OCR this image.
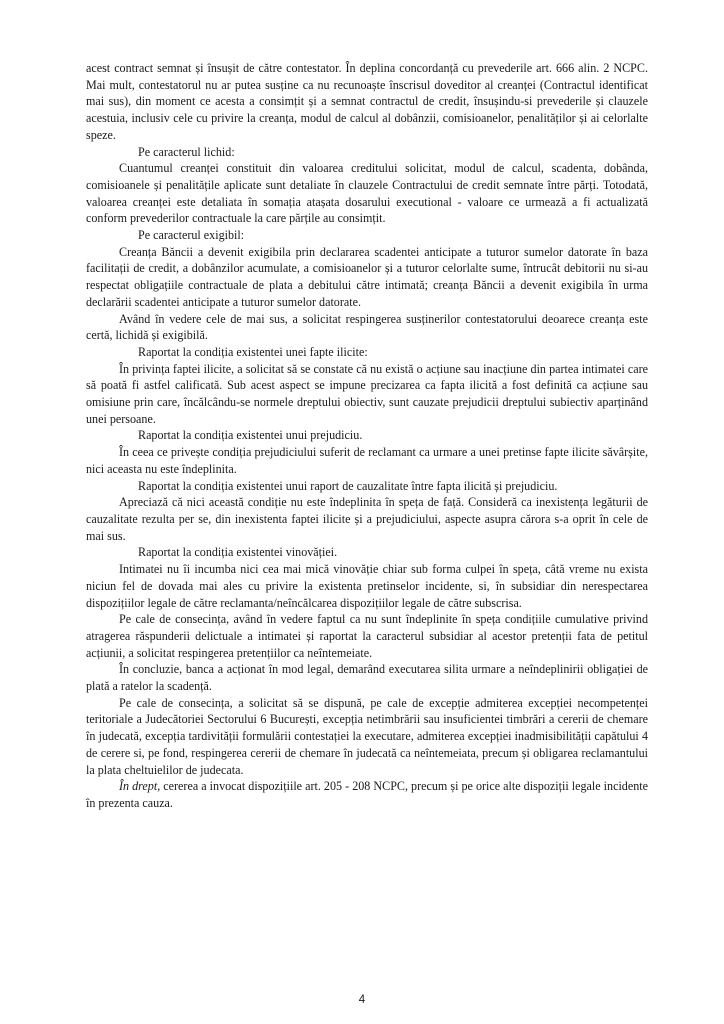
acest contract semnat și însușit de către contestator. În deplina concordanță cu prevederile art. 666 alin. 2 NCPC. Mai mult, contestatorul nu ar putea susține ca nu recunoaște înscrisul doveditor al creanței (Contractul identificat mai sus), din moment ce acesta a consimțit și a semnat contractul de credit, însușindu-si prevederile și clauzele acestuia, inclusiv cele cu privire la creanța, modul de calcul al dobânzii, comisioanelor, penalităților și ai celorlalte speze.

Pe caracterul lichid:

Cuantumul creanței constituit din valoarea creditului solicitat, modul de calcul, scadenta, dobânda, comisioanele și penalitățile aplicate sunt detaliate în clauzele Contractului de credit semnate între părți. Totodată, valoarea creanței este detaliata în somația atașata dosarului executional - valoare ce urmează a fi actualizată conform prevederilor contractuale la care părțile au consimțit.

Pe caracterul exigibil:

Creanța Băncii a devenit exigibila prin declararea scadentei anticipate a tuturor sumelor datorate în baza facilitații de credit, a dobânzilor acumulate, a comisioanelor și a tuturor celorlalte sume, întrucât debitorii nu si-au respectat obligațiile contractuale de plata a debitului către intimată; creanța Băncii a devenit exigibila în urma declarării scadentei anticipate a tuturor sumelor datorate.

Având în vedere cele de mai sus, a solicitat respingerea susținerilor contestatorului deoarece creanța este certă, lichidă și exigibilă.

Raportat la condiția existentei unei fapte ilicite:

În privința faptei ilicite, a solicitat să se constate că nu există o acțiune sau inacțiune din partea intimatei care să poată fi astfel calificată. Sub acest aspect se impune precizarea ca fapta ilicită a fost definită ca acțiune sau omisiune prin care, încălcându-se normele dreptului obiectiv, sunt cauzate prejudicii dreptului subiectiv aparținând unei persoane.

Raportat la condiția existentei unui prejudiciu.

În ceea ce privește condiția prejudiciului suferit de reclamant ca urmare a unei pretinse fapte ilicite săvârșite, nici aceasta nu este îndeplinita.

Raportat la condiția existentei unui raport de cauzalitate între fapta ilicită și prejudiciu.

Apreciază că nici această condiție nu este îndeplinita în speța de față. Consideră ca inexistența legăturii de cauzalitate rezulta per se, din inexistenta faptei ilicite și a prejudiciului, aspecte asupra cărora s-a oprit în cele de mai sus.

Raportat la condiția existentei vinovăției.

Intimatei nu îi incumba nici cea mai mică vinovăție chiar sub forma culpei în speța, câtă vreme nu exista niciun fel de dovada mai ales cu privire la existenta pretinselor incidente, si, în subsidiar din nerespectarea dispozițiilor legale de către reclamanta/neîncălcarea dispozițiilor legale de către subscrisa.

Pe cale de consecința, având în vedere faptul ca nu sunt îndeplinite în speța condițiile cumulative privind atragerea răspunderii delictuale a intimatei și raportat la caracterul subsidiar al acestor pretenții fata de petitul acțiunii, a solicitat respingerea pretențiilor ca neîntemeiate.

În concluzie, banca a acționat în mod legal, demarând executarea silita urmare a neîndeplinirii obligației de plată a ratelor la scadență.

Pe cale de consecința, a solicitat să se dispună, pe cale de excepție admiterea excepției necompetenței teritoriale a Judecătoriei Sectorului 6 București, excepția netimbrării sau insuficientei timbrări a cererii de chemare în judecată, excepția tardivității formulării contestației la executare, admiterea excepției inadmisibilității capătului 4 de cerere si, pe fond, respingerea cererii de chemare în judecată ca neîntemeiata, precum și obligarea reclamantului la plata cheltuielilor de judecata.

În drept, cererea a invocat dispozițiile art. 205 - 208 NCPC, precum și pe orice alte dispoziții legale incidente în prezenta cauza.

4
